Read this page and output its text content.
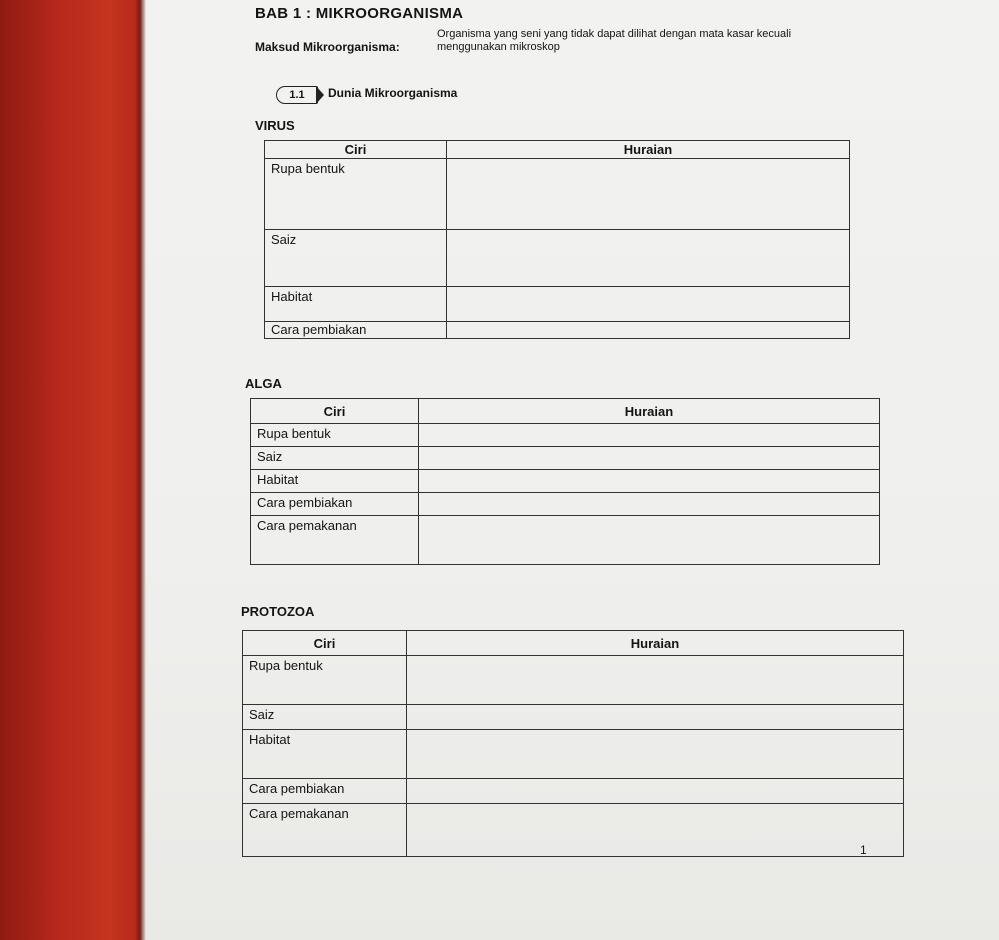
BAB 1 : MIKROORGANISMA
Maksud Mikroorganisma:
Organisma yang seni yang tidak dapat dilihat dengan mata kasar kecuali menggunakan mikroskop
1.1	Dunia Mikroorganisma
VIRUS
Ciri	Huraian
Rupa bentuk	
Saiz	
Habitat	
Cara pembiakan	
ALGA
Ciri	Huraian
Rupa bentuk	
Saiz	
Habitat	
Cara pembiakan	
Cara pemakanan	
PROTOZOA
Ciri	Huraian
Rupa bentuk	
Saiz	
Habitat	
Cara pembiakan	
Cara pemakanan	
1
